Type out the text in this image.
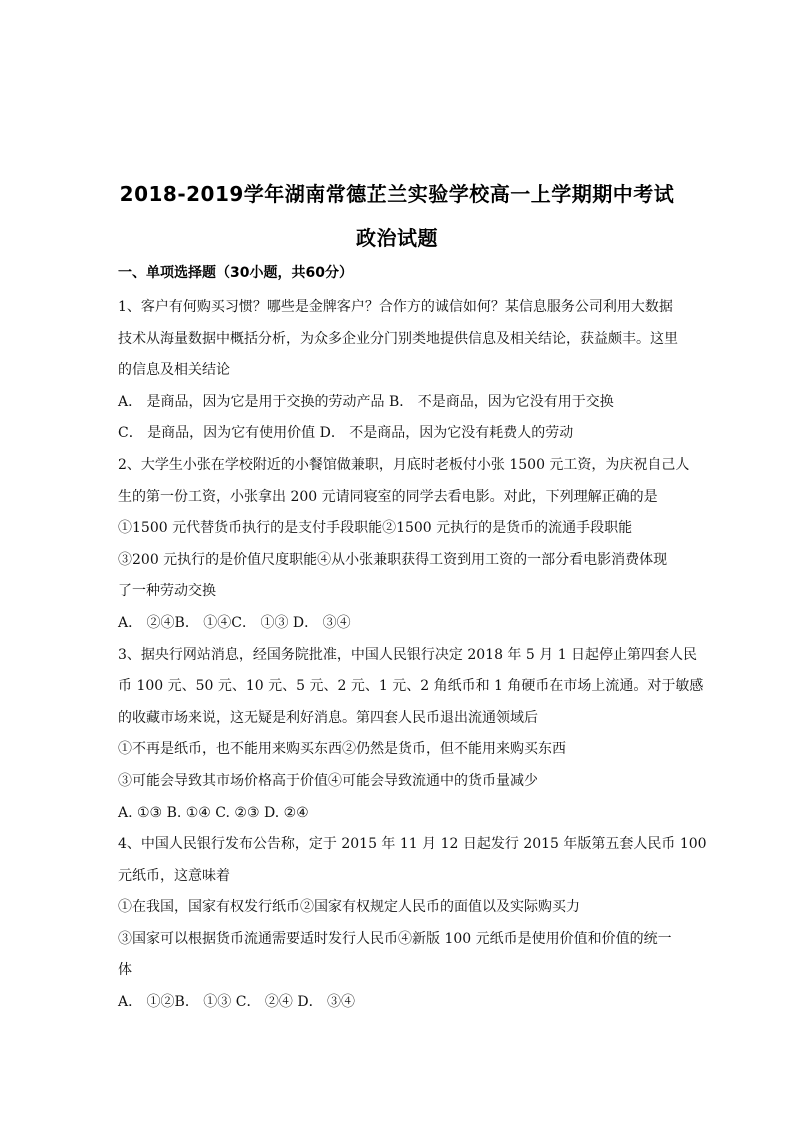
2018-2019学年湖南常德芷兰实验学校高一上学期期中考试
政治试题
一、单项选择题（30小题，共60分）
1、客户有何购买习惯？哪些是金牌客户？合作方的诚信如何？某信息服务公司利用大数据
技术从海量数据中概括分析，为众多企业分门别类地提供信息及相关结论，获益颇丰。这里
的信息及相关结论
A． 是商品，因为它是用于交换的劳动产品 B． 不是商品，因为它没有用于交换
C． 是商品，因为它有使用价值 D． 不是商品，因为它没有耗费人的劳动
2、大学生小张在学校附近的小餐馆做兼职，月底时老板付小张 1500 元工资，为庆祝自己人
生的第一份工资，小张拿出 200 元请同寝室的同学去看电影。对此，下列理解正确的是
①1500 元代替货币执行的是支付手段职能②1500 元执行的是货币的流通手段职能
③200 元执行的是价值尺度职能④从小张兼职获得工资到用工资的一部分看电影消费体现
了一种劳动交换
A． ②④B． ①④C． ①③ D． ③④
3、据央行网站消息，经国务院批准，中国人民银行决定 2018 年 5 月 1 日起停止第四套人民
币 100 元、50 元、10 元、5 元、2 元、1 元、2 角纸币和 1 角硬币在市场上流通。对于敏感
的收藏市场来说，这无疑是利好消息。第四套人民币退出流通领域后
①不再是纸币，也不能用来购买东西②仍然是货币，但不能用来购买东西
③可能会导致其市场价格高于价值④可能会导致流通中的货币量减少
A. ①③ B. ①④ C. ②③ D. ②④
4、中国人民银行发布公告称，定于 2015 年 11 月 12 日起发行 2015 年版第五套人民币 100
元纸币，这意味着
①在我国，国家有权发行纸币②国家有权规定人民币的面值以及实际购买力
③国家可以根据货币流通需要适时发行人民币④新版 100 元纸币是使用价值和价值的统一
体
A． ①②B． ①③ C． ②④ D． ③④
